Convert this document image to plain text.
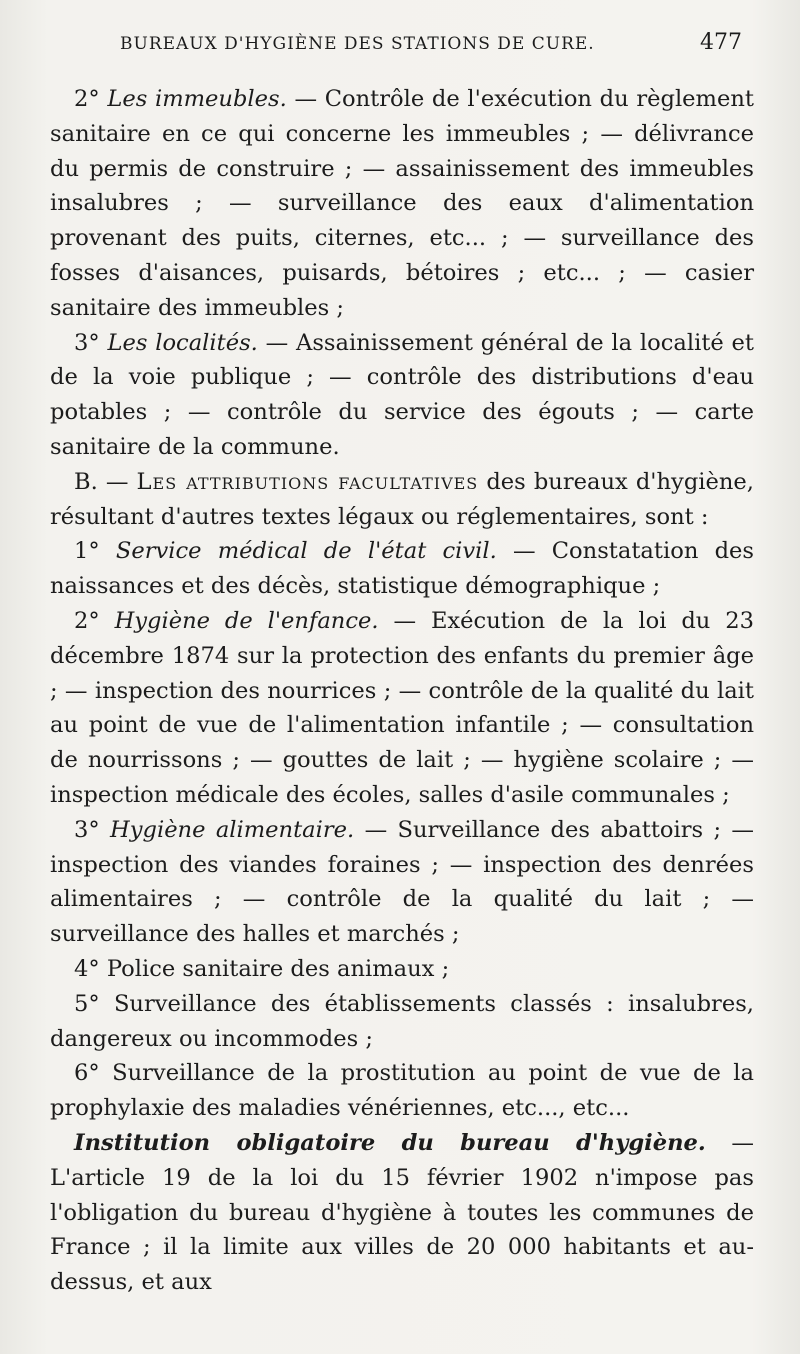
BUREAUX D'HYGIÈNE DES STATIONS DE CURE.	477

2° Les immeubles. — Contrôle de l'exécution du règlement sanitaire en ce qui concerne les immeubles ; — délivrance du permis de construire ; — assainissement des immeubles insalubres ; — surveillance des eaux d'alimentation provenant des puits, citernes, etc... ; — surveillance des fosses d'aisances, puisards, bétoires ; etc... ; — casier sanitaire des immeubles ;

3° Les localités. — Assainissement général de la localité et de la voie publique ; — contrôle des distributions d'eau potables ; — contrôle du service des égouts ; — carte sanitaire de la commune.

B. — Les attributions facultatives des bureaux d'hygiène, résultant d'autres textes légaux ou réglementaires, sont :

1° Service médical de l'état civil. — Constatation des naissances et des décès, statistique démographique ;

2° Hygiène de l'enfance. — Exécution de la loi du 23 décembre 1874 sur la protection des enfants du premier âge ; — inspection des nourrices ; — contrôle de la qualité du lait au point de vue de l'alimentation infantile ; — consultation de nourrissons ; — gouttes de lait ; — hygiène scolaire ; — inspection médicale des écoles, salles d'asile communales ;

3° Hygiène alimentaire. — Surveillance des abattoirs ; — inspection des viandes foraines ; — inspection des denrées alimentaires ; — contrôle de la qualité du lait ; — surveillance des halles et marchés ;

4° Police sanitaire des animaux ;

5° Surveillance des établissements classés : insalubres, dangereux ou incommodes ;

6° Surveillance de la prostitution au point de vue de la prophylaxie des maladies vénériennes, etc..., etc...

Institution obligatoire du bureau d'hygiène. — L'article 19 de la loi du 15 février 1902 n'impose pas l'obligation du bureau d'hygiène à toutes les communes de France ; il la limite aux villes de 20 000 habitants et au-dessus, et aux
